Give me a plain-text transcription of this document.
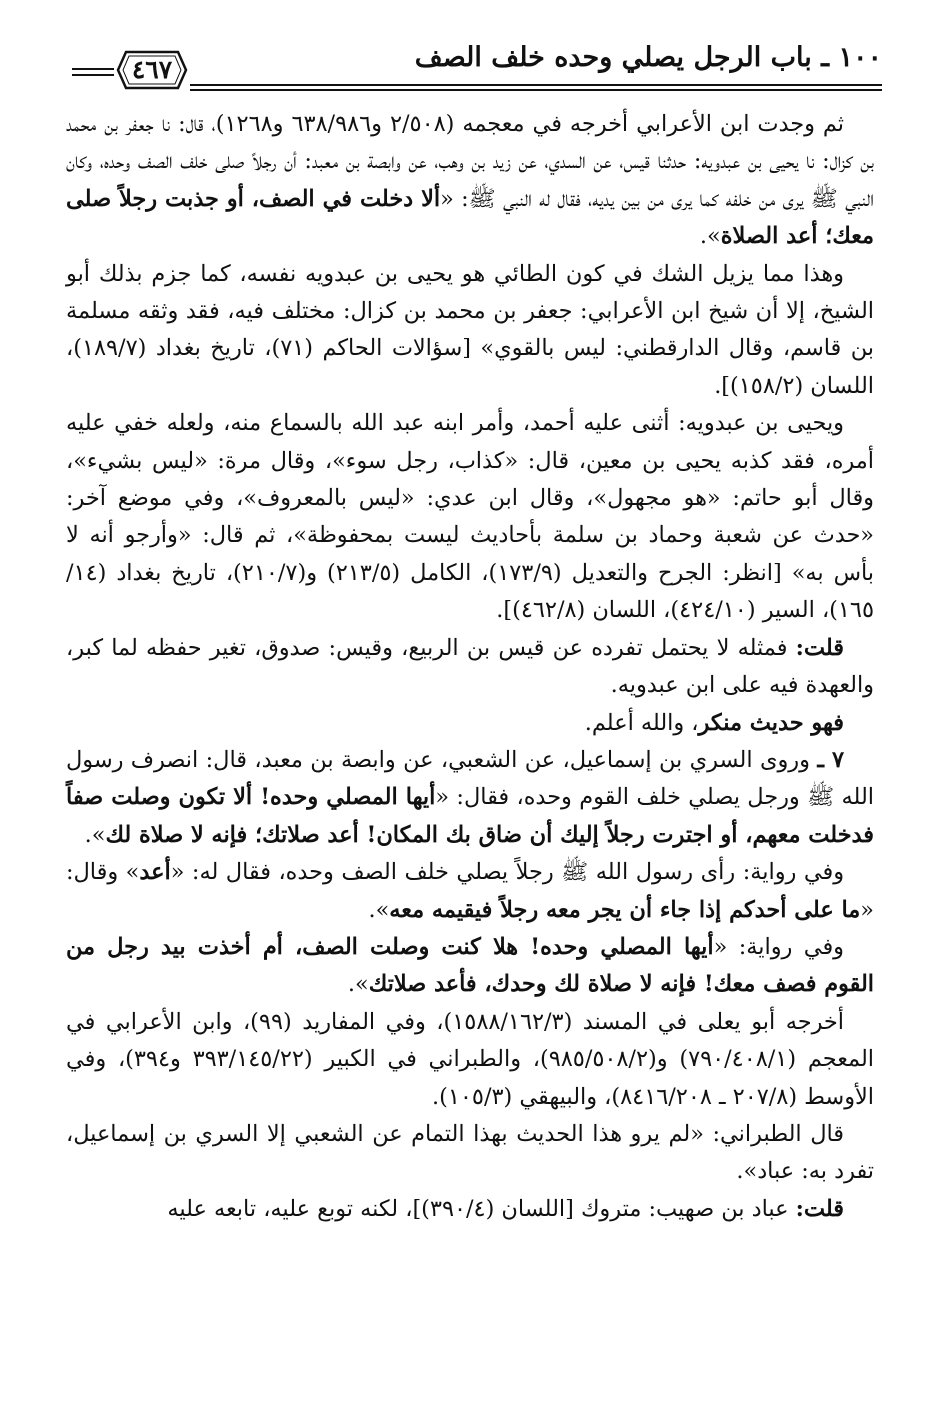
١٠٠ ـ باب الرجل يصلي وحده خلف الصف
٤٦٧

ثم وجدت ابن الأعرابي أخرجه في معجمه (٢/٥٠٨ و٦٣٨/٩٨٦ و١٢٦٨)، قال: نا جعفر بن محمد بن كزال: نا يحيى بن عبدويه: حدثنا قيس، عن السدي، عن زيد بن وهب، عن وابصة بن معبد: أن رجلاً صلى خلف الصف وحده، وكان النبي ﷺ يرى من خلفه كما يرى من بين يديه، فقال له النبي ﷺ: «ألا دخلت في الصف، أو جذبت رجلاً صلى معك؛ أعد الصلاة».

وهذا مما يزيل الشك في كون الطائي هو يحيى بن عبدويه نفسه، كما جزم بذلك أبو الشيخ، إلا أن شيخ ابن الأعرابي: جعفر بن محمد بن كزال: مختلف فيه، فقد وثقه مسلمة بن قاسم، وقال الدارقطني: ليس بالقوي» [سؤالات الحاكم (٧١)، تاريخ بغداد (١٨٩/٧)، اللسان (١٥٨/٢)].

ويحيى بن عبدويه: أثنى عليه أحمد، وأمر ابنه عبد الله بالسماع منه، ولعله خفي عليه أمره، فقد كذبه يحيى بن معين، قال: «كذاب، رجل سوء»، وقال مرة: «ليس بشيء»، وقال أبو حاتم: «هو مجهول»، وقال ابن عدي: «ليس بالمعروف»، وفي موضع آخر: «حدث عن شعبة وحماد بن سلمة بأحاديث ليست بمحفوظة»، ثم قال: «وأرجو أنه لا بأس به» [انظر: الجرح والتعديل (١٧٣/٩)، الكامل (٢١٣/٥) و(٢١٠/٧)، تاريخ بغداد (١٤/ ١٦٥)، السير (٤٢٤/١٠)، اللسان (٤٦٢/٨)].

قلت: فمثله لا يحتمل تفرده عن قيس بن الربيع، وقيس: صدوق، تغير حفظه لما كبر، والعهدة فيه على ابن عبدويه.

فهو حديث منكر، والله أعلم.

٧ ـ وروى السري بن إسماعيل، عن الشعبي، عن وابصة بن معبد، قال: انصرف رسول الله ﷺ ورجل يصلي خلف القوم وحده، فقال: «أيها المصلي وحده! ألا تكون وصلت صفاً فدخلت معهم، أو اجترت رجلاً إليك أن ضاق بك المكان! أعد صلاتك؛ فإنه لا صلاة لك».

وفي رواية: رأى رسول الله ﷺ رجلاً يصلي خلف الصف وحده، فقال له: «أعد» وقال: «ما على أحدكم إذا جاء أن يجر معه رجلاً فيقيمه معه».

وفي رواية: «أيها المصلي وحده! هلا كنت وصلت الصف، أم أخذت بيد رجل من القوم فصف معك! فإنه لا صلاة لك وحدك، فأعد صلاتك».

أخرجه أبو يعلى في المسند (١٥٨٨/١٦٢/٣)، وفي المفاريد (٩٩)، وابن الأعرابي في المعجم (٧٩٠/٤٠٨/١) و(٩٨٥/٥٠٨/٢)، والطبراني في الكبير (٣٩٣/١٤٥/٢٢ و٣٩٤)، وفي الأوسط (٢٠٧/٨ ـ ٨٤١٦/٢٠٨)، والبيهقي (١٠٥/٣).

قال الطبراني: «لم يرو هذا الحديث بهذا التمام عن الشعبي إلا السري بن إسماعيل، تفرد به: عباد».

قلت: عباد بن صهيب: متروك [اللسان (٣٩٠/٤)]، لكنه توبع عليه، تابعه عليه
